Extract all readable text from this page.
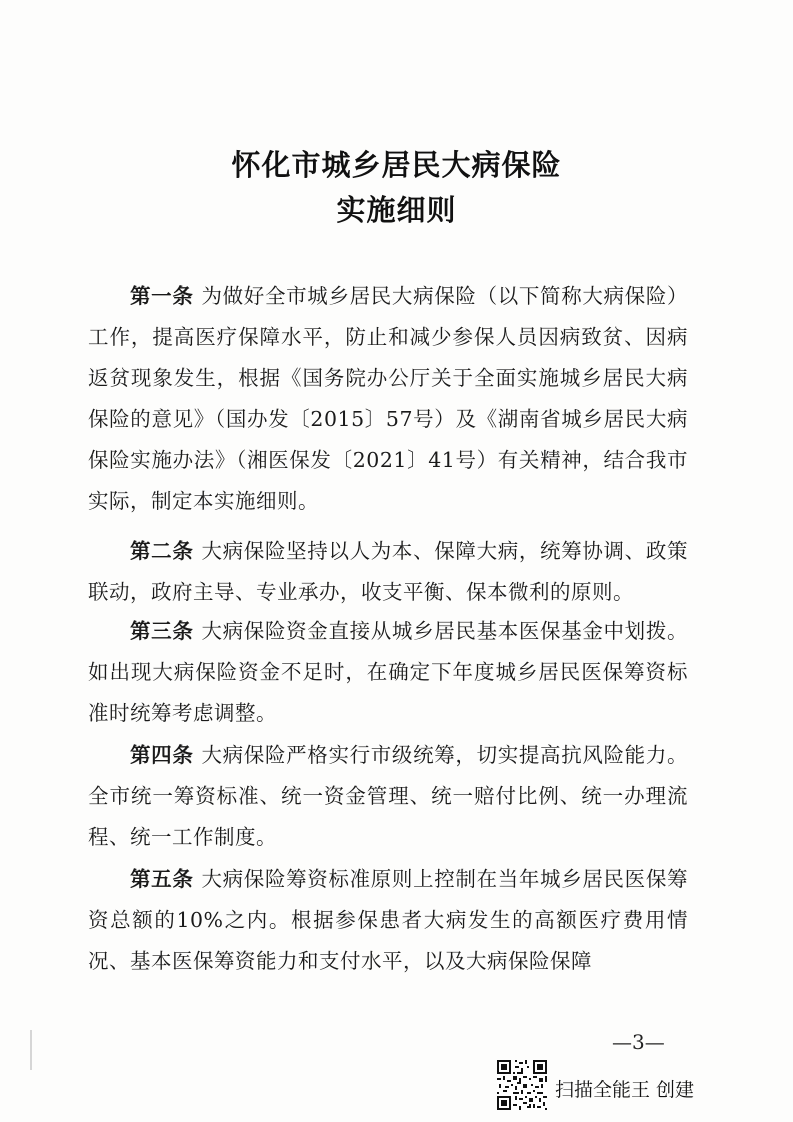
怀化市城乡居民大病保险
实施细则

第一条 为做好全市城乡居民大病保险（以下简称大病保险）工作，提高医疗保障水平，防止和减少参保人员因病致贫、因病返贫现象发生，根据《国务院办公厅关于全面实施城乡居民大病保险的意见》（国办发〔2015〕57号）及《湖南省城乡居民大病保险实施办法》（湘医保发〔2021〕41号）有关精神，结合我市实际，制定本实施细则。

第二条 大病保险坚持以人为本、保障大病，统筹协调、政策联动，政府主导、专业承办，收支平衡、保本微利的原则。

第三条 大病保险资金直接从城乡居民基本医保基金中划拨。如出现大病保险资金不足时，在确定下年度城乡居民医保筹资标准时统筹考虑调整。

第四条 大病保险严格实行市级统筹，切实提高抗风险能力。全市统一筹资标准、统一资金管理、统一赔付比例、统一办理流程、统一工作制度。

第五条 大病保险筹资标准原则上控制在当年城乡居民医保筹资总额的10%之内。根据参保患者大病发生的高额医疗费用情况、基本医保筹资能力和支付水平，以及大病保险保障

—3—
扫描全能王 创建
